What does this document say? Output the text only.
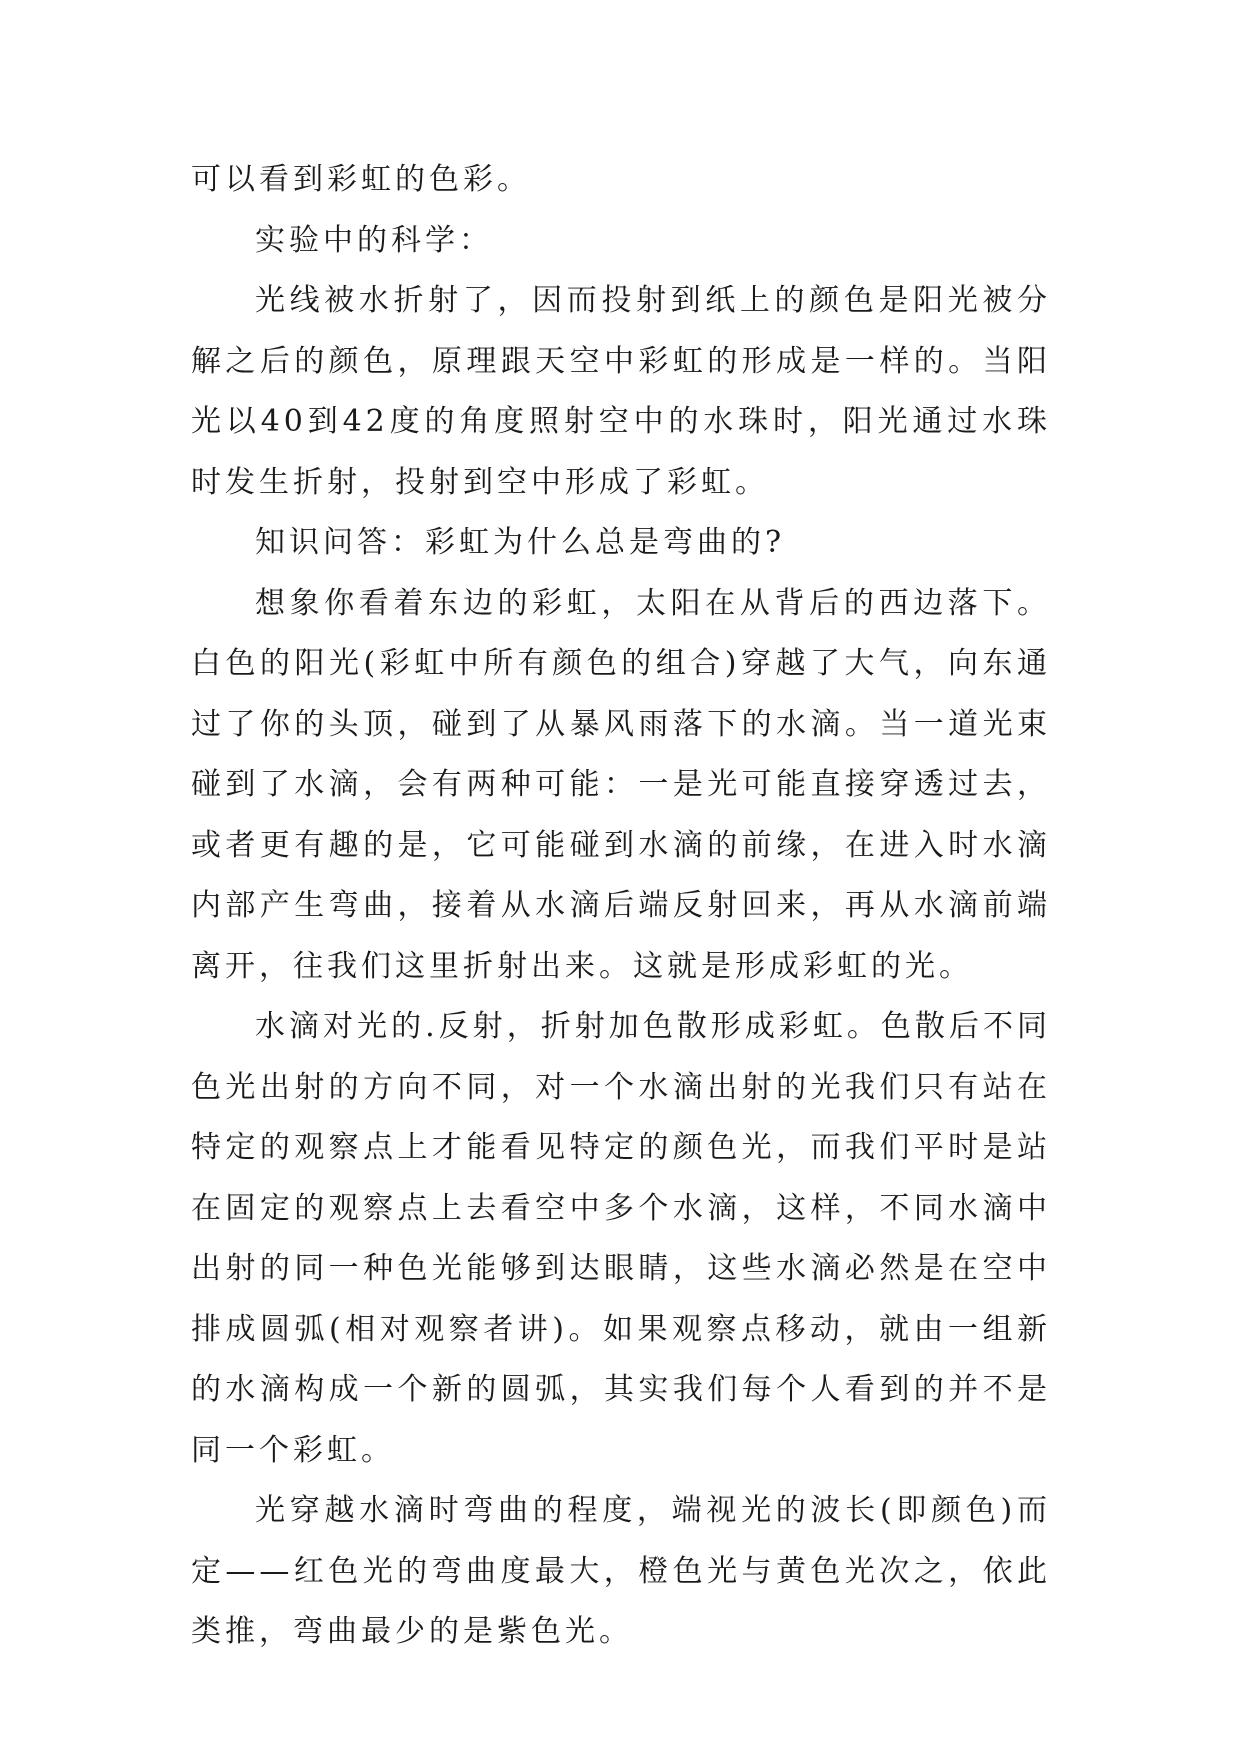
可以看到彩虹的色彩。

实验中的科学：

光线被水折射了，因而投射到纸上的颜色是阳光被分解之后的颜色，原理跟天空中彩虹的形成是一样的。当阳光以40到42度的角度照射空中的水珠时，阳光通过水珠时发生折射，投射到空中形成了彩虹。

知识问答：彩虹为什么总是弯曲的?

想象你看着东边的彩虹，太阳在从背后的西边落下。白色的阳光(彩虹中所有颜色的组合)穿越了大气，向东通过了你的头顶，碰到了从暴风雨落下的水滴。当一道光束碰到了水滴，会有两种可能：一是光可能直接穿透过去，或者更有趣的是，它可能碰到水滴的前缘，在进入时水滴内部产生弯曲，接着从水滴后端反射回来，再从水滴前端离开，往我们这里折射出来。这就是形成彩虹的光。

水滴对光的.反射，折射加色散形成彩虹。色散后不同色光出射的方向不同，对一个水滴出射的光我们只有站在特定的观察点上才能看见特定的颜色光，而我们平时是站在固定的观察点上去看空中多个水滴，这样，不同水滴中出射的同一种色光能够到达眼睛，这些水滴必然是在空中排成圆弧(相对观察者讲)。如果观察点移动，就由一组新的水滴构成一个新的圆弧，其实我们每个人看到的并不是同一个彩虹。

光穿越水滴时弯曲的程度，端视光的波长(即颜色)而定——红色光的弯曲度最大，橙色光与黄色光次之，依此类推，弯曲最少的是紫色光。
